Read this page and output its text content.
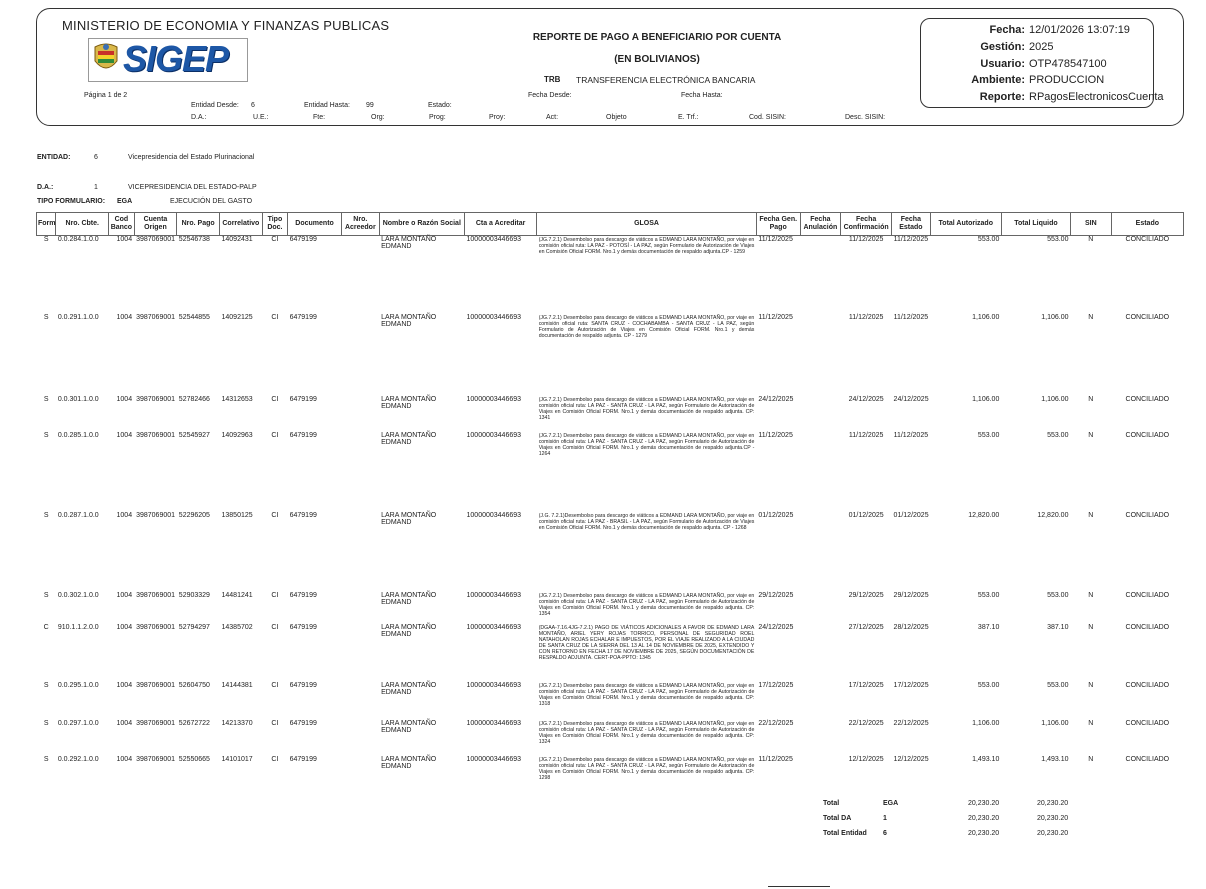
MINISTERIO DE ECONOMIA Y FINANZAS PUBLICAS
SIGEP
Página 1 de 2
REPORTE DE PAGO A BENEFICIARIO POR CUENTA
(EN BOLIVIANOS)
TRB TRANSFERENCIA ELECTRÓNICA BANCARIA
Fecha Desde:	Fecha Hasta:
Entidad Desde: 6	Entidad Hasta: 99	Estado:
D.A.:	U.E.:	Fte:	Org:	Prog:	Proy:	Act:	Objeto	E. Trf.:	Cod. SISIN:	Desc. SISIN:
Fecha: 12/01/2026 13:07:19
Gestión: 2025
Usuario: OTP478547100
Ambiente: PRODUCCION
Reporte: RPagosElectronicosCuenta
ENTIDAD:	6	Vicepresidencia del Estado Plurinacional
D.A.:	1	VICEPRESIDENCIA DEL ESTADO-PALP
TIPO FORMULARIO: EGA	EJECUCIÓN DEL GASTO
Form	Nro. Cbte.	Cod Banco	Cuenta Origen	Nro. Pago	Correlativo	Tipo Doc.	Documento	Nro. Acreedor	Nombre o Razón Social	Cta a Acreditar	GLOSA	Fecha Gen. Pago	Fecha Anulación	Fecha Confirmación	Fecha Estado	Total Autorizado	Total Liquido	SIN	Estado
S	0.0.284.1.0.0	1004	3987069001	52546738	14092431	CI	6479199		LARA MONTAÑO EDMAND	10000003446693	(JG.7.2.1) Desembolso para descargo de viáticos a EDMAND LARA MONTAÑO, por viaje en comisión oficial ruta: LA PAZ - POTOSÍ - LA PAZ, según Formulario de Autorización de Viajes en Comisión Oficial FORM. Nro.1 y demás documentación de respaldo adjunta.CP - 1259	11/12/2025		11/12/2025	11/12/2025	553.00	553.00	N	CONCILIADO
S	0.0.291.1.0.0	1004	3987069001	52544855	14092125	CI	6479199		LARA MONTAÑO EDMAND	10000003446693	(JG.7.2.1) Desembolso para descargo de viáticos a EDMAND LARA MONTAÑO, por viaje en comisión oficial ruta: SANTA CRUZ - COCHABAMBA - SANTA CRUZ - LA PAZ, según Formulario de Autorización de Viajes en Comisión Oficial FORM. Nro.1 y demás documentación de respaldo adjunta. CP - 1279	11/12/2025		11/12/2025	11/12/2025	1,106.00	1,106.00	N	CONCILIADO
S	0.0.301.1.0.0	1004	3987069001	52782466	14312653	CI	6479199		LARA MONTAÑO EDMAND	10000003446693	(JG.7.2.1) Desembolso para descargo de viáticos a EDMAND LARA MONTAÑO, por viaje en comisión oficial ruta: LA PAZ - SANTA CRUZ - LA PAZ, según Formulario de Autorización de Viajes en Comisión Oficial FORM. Nro.1 y demás documentación de respaldo adjunta. CP: 1341	24/12/2025		24/12/2025	24/12/2025	1,106.00	1,106.00	N	CONCILIADO
S	0.0.285.1.0.0	1004	3987069001	52545927	14092963	CI	6479199		LARA MONTAÑO EDMAND	10000003446693	(JG.7.2.1) Desembolso para descargo de viáticos a EDMAND LARA MONTAÑO, por viaje en comisión oficial ruta: LA PAZ - SANTA CRUZ - LA PAZ, según Formulario de Autorización de Viajes en Comisión Oficial FORM. Nro.1 y demás documentación de respaldo adjunta.CP - 1264	11/12/2025		11/12/2025	11/12/2025	553.00	553.00	N	CONCILIADO
S	0.0.287.1.0.0	1004	3987069001	52296205	13850125	CI	6479199		LARA MONTAÑO EDMAND	10000003446693	(J.G. 7.2.1)Desembolso para descargo de viáticos a EDMAND LARA MONTAÑO, por viaje en comisión oficial ruta: LA PAZ - BRASIL - LA PAZ, según Formulario de Autorización de Viajes en Comisión Oficial FORM. Nro.1 y demás documentación de respaldo adjunta. CP - 1268	01/12/2025		01/12/2025	01/12/2025	12,820.00	12,820.00	N	CONCILIADO
S	0.0.302.1.0.0	1004	3987069001	52903329	14481241	CI	6479199		LARA MONTAÑO EDMAND	10000003446693	(JG.7.2.1) Desembolso para descargo de viáticos a EDMAND LARA MONTAÑO, por viaje en comisión oficial ruta: LA PAZ - SANTA CRUZ - LA PAZ, según Formulario de Autorización de Viajes en Comisión Oficial FORM. Nro.1 y demás documentación de respaldo adjunta. CP: 1354	29/12/2025		29/12/2025	29/12/2025	553.00	553.00	N	CONCILIADO
C	910.1.1.2.0.0	1004	3987069001	52794297	14385702	CI	6479199		LARA MONTAÑO EDMAND	10000003446693	(DGAA-7.16.4JG-7.2.1) PAGO DE VIÁTICOS ADICIONALES A FAVOR DE EDMAND LARA MONTAÑO, ARIEL YERY ROJAS TORRICO, PERSONAL DE SEGURIDAD ROEL NATAHOLAN ROJAS ECHALAR E IMPUESTOS, POR EL VIAJE REALIZADO A LA CIUDAD DE SANTA CRUZ DE LA SIERRA DEL 13 AL 14 DE NOVIEMBRE DE 2025, EXTENDIDO Y CON RETORNO EN FECHA 17 DE NOVIEMBRE DE 2025, SEGÚN DOCUMENTACIÓN DE RESPALDO ADJUNTA. CERT-POA-PPTO: 1345	24/12/2025		27/12/2025	28/12/2025	387.10	387.10	N	CONCILIADO
S	0.0.295.1.0.0	1004	3987069001	52604750	14144381	CI	6479199		LARA MONTAÑO EDMAND	10000003446693	(JG.7.2.1) Desembolso para descargo de viáticos a EDMAND LARA MONTAÑO, por viaje en comisión oficial ruta: LA PAZ - SANTA CRUZ - LA PAZ, según Formulario de Autorización de Viajes en Comisión Oficial FORM. Nro.1 y demás documentación de respaldo adjunta. CP: 1318	17/12/2025		17/12/2025	17/12/2025	553.00	553.00	N	CONCILIADO
S	0.0.297.1.0.0	1004	3987069001	52672722	14213370	CI	6479199		LARA MONTAÑO EDMAND	10000003446693	(JG.7.2.1) Desembolso para descargo de viáticos a EDMAND LARA MONTAÑO, por viaje en comisión oficial ruta: LA PAZ - SANTA CRUZ - LA PAZ, según Formulario de Autorización de Viajes en Comisión Oficial FORM. Nro.1 y demás documentación de respaldo adjunta. CP: 1324	22/12/2025		22/12/2025	22/12/2025	1,106.00	1,106.00	N	CONCILIADO
S	0.0.292.1.0.0	1004	3987069001	52550665	14101017	CI	6479199		LARA MONTAÑO EDMAND	10000003446693	(JG.7.2.1) Desembolso para descargo de viáticos a EDMAND LARA MONTAÑO, por viaje en comisión oficial ruta: LA PAZ - SANTA CRUZ - LA PAZ, según Formulario de Autorización de Viajes en Comisión Oficial FORM. Nro.1 y demás documentación de respaldo adjunta. CP: 1298	11/12/2025		12/12/2025	12/12/2025	1,493.10	1,493.10	N	CONCILIADO
Total	EGA	20,230.20	20,230.20
Total DA	1	20,230.20	20,230.20
Total Entidad 6	20,230.20	20,230.20
